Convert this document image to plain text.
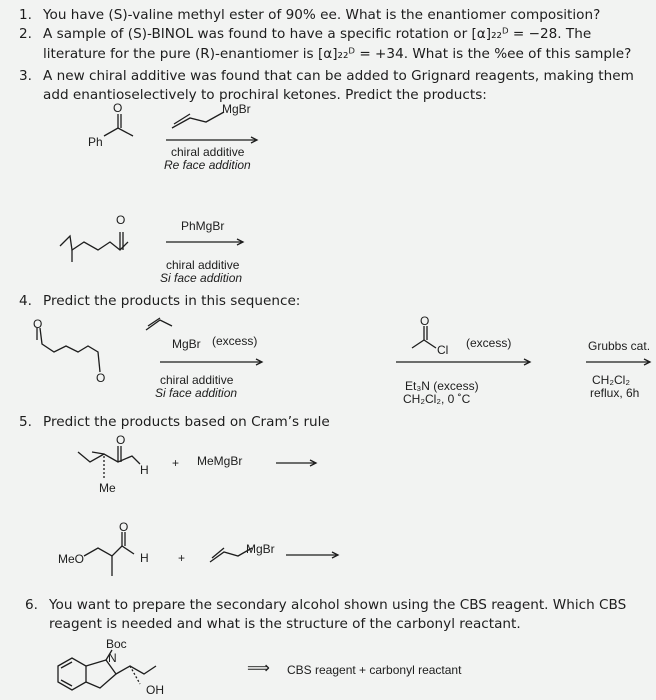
1. You have (S)-valine methyl ester of 90% ee. What is the enantiomer composition?
2. A sample of (S)-BINOL was found to have a specific rotation or [α]₂₂ᴰ = −28. The
literature for the pure (R)-enantiomer is [α]₂₂ᴰ = +34. What is the %ee of this sample?
3. A new chiral additive was found that can be added to Grignard reagents, making them
add enantioselectively to prochiral ketones. Predict the products:
4. Predict the products in this sequence:
5. Predict the products based on Cram’s rule
6. You want to prepare the secondary alcohol shown using the CBS reagent. Which CBS
reagent is needed and what is the structure of the carbonyl reactant.
O
Ph
MgBr
chiral additive
Re face addition
O	PhMgBr
chiral additive
Si face addition
O
O
MgBr (excess)
chiral additive
Si face addition
O
Cl (excess)
Et₃N (excess)
CH₂Cl₂, 0 ˚C
Grubbs cat.
CH₂Cl₂
reflux, 6h
O
H
Me
+ MeMgBr
O
MeO	H +
MgBr
Boc
N
OH
⟹ CBS reagent + carbonyl reactant
